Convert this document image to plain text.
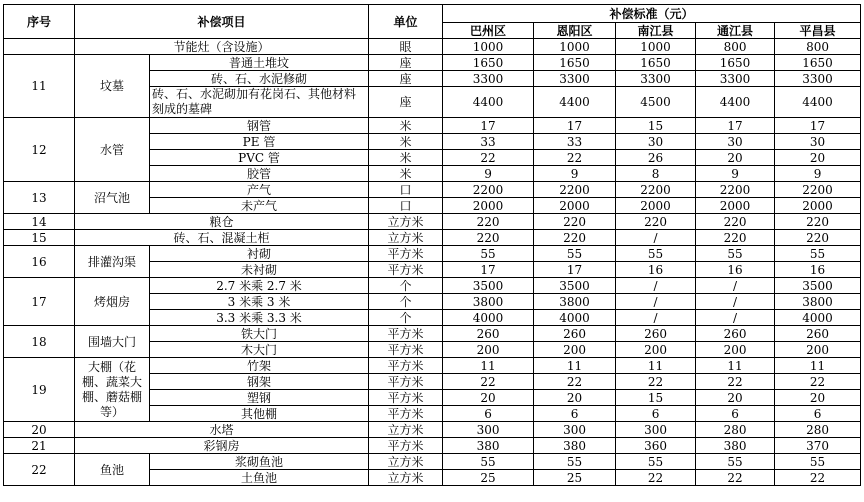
序号	补偿项目		单位	补偿标准（元）				
				巴州区	恩阳区	南江县	通江县	平昌县
	节能灶（含设施）		眼	1000	1000	1000	800	800
11	坟墓	普通土堆坟	座	1650	1650	1650	1650	1650
		砖、石、水泥修砌	座	3300	3300	3300	3300	3300
		砖、石、水泥砌加有花岗石、其他材料刻成的墓碑	座	4400	4400	4500	4400	4400
12	水管	钢管	米	17	17	15	17	17
		PE 管	米	33	33	30	30	30
		PVC 管	米	22	22	26	20	20
		胶管	米	9	9	8	9	9
13	沼气池	产气	口	2200	2200	2200	2200	2200
		未产气	口	2000	2000	2000	2000	2000
14	粮仓		立方米	220	220	220	220	220
15	砖、石、混凝土柜		立方米	220	220	/	220	220
16	排灌沟渠	衬砌	平方米	55	55	55	55	55
		未衬砌	平方米	17	17	16	16	16
17	烤烟房	2.7 米乘 2.7 米	个	3500	3500	/	/	3500
		3 米乘 3 米	个	3800	3800	/	/	3800
		3.3 米乘 3.3 米	个	4000	4000	/	/	4000
18	围墙大门	铁大门	平方米	260	260	260	260	260
		木大门	平方米	200	200	200	200	200
19	大棚（花棚、蔬菜大棚、蘑菇棚等）	竹架	平方米	11	11	11	11	11
		钢架	平方米	22	22	22	22	22
		塑钢	平方米	20	20	15	20	20
		其他棚	平方米	6	6	6	6	6
20	水塔		立方米	300	300	300	280	280
21	彩钢房		平方米	380	380	360	380	370
22	鱼池	浆砌鱼池	立方米	55	55	55	55	55
		土鱼池	立方米	25	25	22	22	22
